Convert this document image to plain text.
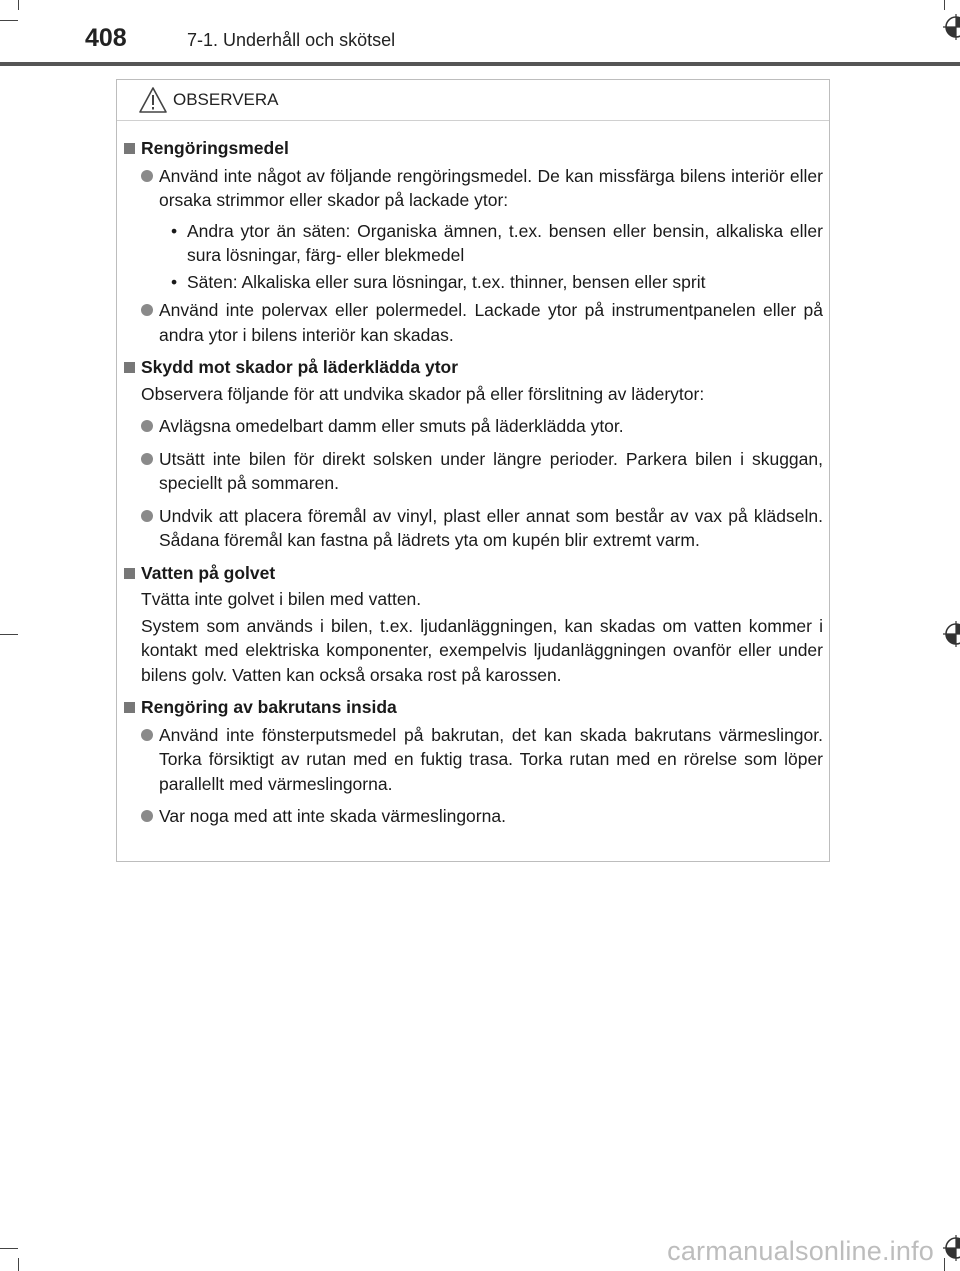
408	7-1. Underhåll och skötsel
OBSERVERA
Rengöringsmedel
Använd inte något av följande rengöringsmedel. De kan missfärga bilens interiör eller orsaka strimmor eller skador på lackade ytor:
• Andra ytor än säten: Organiska ämnen, t.ex. bensen eller bensin, alkaliska eller sura lösningar, färg- eller blekmedel
• Säten: Alkaliska eller sura lösningar, t.ex. thinner, bensen eller sprit
Använd inte polervax eller polermedel. Lackade ytor på instrumentpanelen eller på andra ytor i bilens interiör kan skadas.
Skydd mot skador på läderklädda ytor
Observera följande för att undvika skador på eller förslitning av läderytor:
Avlägsna omedelbart damm eller smuts på läderklädda ytor.
Utsätt inte bilen för direkt solsken under längre perioder. Parkera bilen i skuggan, speciellt på sommaren.
Undvik att placera föremål av vinyl, plast eller annat som består av vax på klädseln. Sådana föremål kan fastna på lädrets yta om kupén blir extremt varm.
Vatten på golvet
Tvätta inte golvet i bilen med vatten.
System som används i bilen, t.ex. ljudanläggningen, kan skadas om vatten kommer i kontakt med elektriska komponenter, exempelvis ljudanläggningen ovanför eller under bilens golv. Vatten kan också orsaka rost på karossen.
Rengöring av bakrutans insida
Använd inte fönsterputsmedel på bakrutan, det kan skada bakrutans värmeslingor. Torka försiktigt av rutan med en fuktig trasa. Torka rutan med en rörelse som löper parallellt med värmeslingorna.
Var noga med att inte skada värmeslingorna.
carmanualsonline.info
